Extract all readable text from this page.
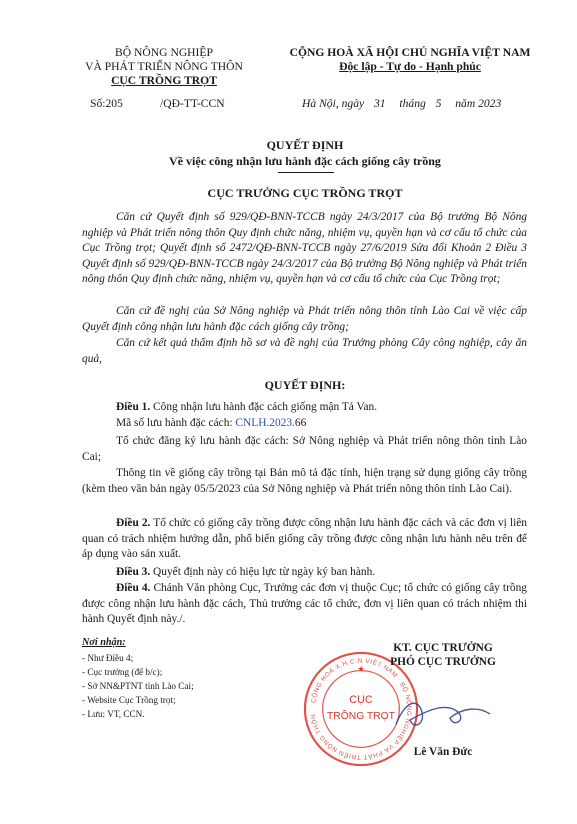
BỘ NÔNG NGHIỆP
VÀ PHÁT TRIỂN NÔNG THÔN
CỤC TRỒNG TRỌT
Số:205	/QĐ-TT-CCN
CỘNG HOÀ XÃ HỘI CHỦ NGHĨA VIỆT NAM
Độc lập - Tự do - Hạnh phúc
Hà Nội, ngày 31 tháng 5 năm 2023
QUYẾT ĐỊNH
Về việc công nhận lưu hành đặc cách giống cây trồng
CỤC TRƯỞNG CỤC TRỒNG TRỌT
Căn cứ Quyết định số 929/QĐ-BNN-TCCB ngày 24/3/2017 của Bộ trưởng Bộ Nông nghiệp và Phát triển nông thôn Quy định chức năng, nhiệm vụ, quyền hạn và cơ cấu tổ chức của Cục Trồng trọt; Quyết định số 2472/QĐ-BNN-TCCB ngày 27/6/2019 Sửa đổi Khoản 2 Điều 3 Quyết định số 929/QĐ-BNN-TCCB ngày 24/3/2017 của Bộ trưởng Bộ Nông nghiệp và Phát triển nông thôn Quy định chức năng, nhiệm vụ, quyền hạn và cơ cấu tổ chức của Cục Trồng trọt;
Căn cứ đề nghị của Sở Nông nghiệp và Phát triển nông thôn tỉnh Lào Cai về việc cấp Quyết định công nhận lưu hành đặc cách giống cây trồng;
Căn cứ kết quả thẩm định hồ sơ và đề nghị của Trưởng phòng Cây công nghiệp, cây ăn quả,
QUYẾT ĐỊNH:
Điều 1. Công nhận lưu hành đặc cách giống mận Tả Van.
Mã số lưu hành đặc cách: CNLH.2023.66
Tổ chức đăng ký lưu hành đặc cách: Sở Nông nghiệp và Phát triển nông thôn tỉnh Lào Cai;
Thông tin về giống cây trồng tại Bản mô tả đặc tính, hiện trạng sử dụng giống cây trồng (kèm theo văn bản ngày 05/5/2023 của Sở Nông nghiệp và Phát triển nông thôn tỉnh Lào Cai).
Điều 2. Tổ chức có giống cây trồng được công nhận lưu hành đặc cách và các đơn vị liên quan có trách nhiệm hướng dẫn, phổ biến giống cây trồng được công nhận lưu hành nêu trên để áp dụng vào sản xuất.
Điều 3. Quyết định này có hiệu lực từ ngày ký ban hành.
Điều 4. Chánh Văn phòng Cục, Trưởng các đơn vị thuộc Cục; tổ chức có giống cây trồng được công nhận lưu hành đặc cách, Thủ trưởng các tổ chức, đơn vị liên quan có trách nhiệm thi hành Quyết định này./.
Nơi nhận:
- Như Điều 4;
- Cục trưởng (để b/c);
- Sở NN&PTNT tỉnh Lào Cai;
- Website Cục Trồng trọt;
- Lưu: VT, CCN.
CỘNG HOÀ X.H.C.N VIỆT NAM · BỘ NÔNG NGHIỆP VÀ PHÁT TRIỂN NÔNG THÔN
CỤC
TRỒNG TRỌT
★
KT. CỤC TRƯỞNG
PHÓ CỤC TRƯỞNG
Lê Văn Đức
